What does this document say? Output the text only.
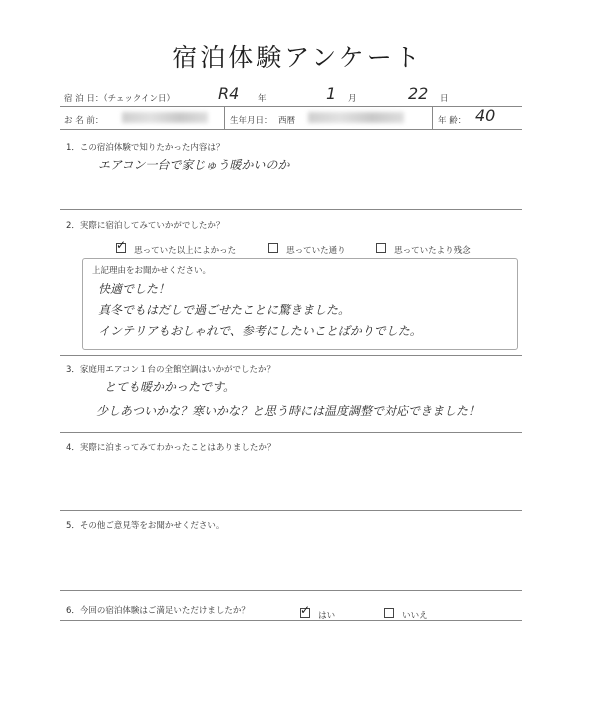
宿泊体験アンケート
宿 泊 日：（チェックイン日）	R4 年	1 月	22 日
お 名 前：	生年月日： 西暦	年 齢： 40
1．この宿泊体験で知りたかった内容は？
エアコン一台で家じゅう暖かいのか
2．実際に宿泊してみていかがでしたか？
✓ 思っていた以上によかった	思っていた通り	思っていたより残念
上記理由をお聞かせください。
快適でした！
真冬でもはだしで過ごせたことに驚きました。
インテリアもおしゃれで、参考にしたいことばかりでした。
3．家庭用エアコン１台の全館空調はいかがでしたか？
とても暖かかったです。
少しあついかな？寒いかな？と思う時には温度調整で対応できました！
4．実際に泊まってみてわかったことはありましたか？
5．その他ご意見等をお聞かせください。
6．今回の宿泊体験はご満足いただけましたか？	✓ はい	いいえ
